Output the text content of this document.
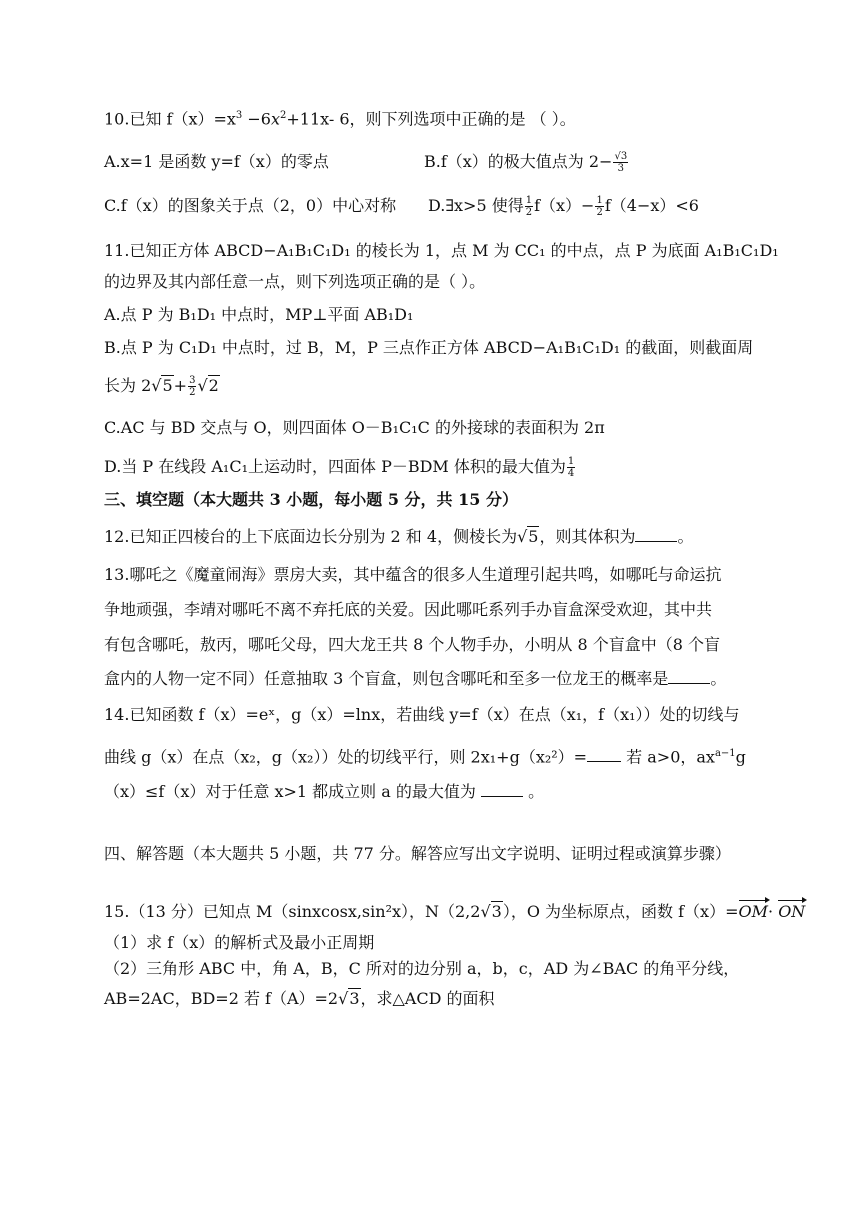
10.已知 $f(x)=x^3 -6x^2+11x-$ 6，则下列选项中正确的是 （ ）。
A.x=1 是函数 y=f（x）的零点	B.f（x）的极大值点为 $2- \frac{√3}{3}$
C.f（x）的图象关于点（2，0）中心对称 D.∃x>5 使得 $\frac{1}{2} f(x)- \frac{1}{2} f(4-x)<6$
11.已知正方体 ABCD−A₁B₁C₁D₁ 的棱长为 1，点 M 为 CC₁ 的中点，点 P 为底面 A₁B₁C₁D₁
的边界及其内部任意一点，则下列选项正确的是（ ）。
A.点 P 为 B₁D₁ 中点时，MP⊥平面 AB₁D₁
B.点 P 为 C₁D₁ 中点时，过 B，M，P 三点作正方体 ABCD−A₁B₁C₁D₁ 的截面，则截面周
长为 $2√5+ \frac{3}{2} √2$
C.AC 与 BD 交点与 O，则四面体 O－B₁C₁C 的外接球的表面积为 2π
D.当 P 在线段 A₁C₁上运动时，四面体 P－BDM 体积的最大值为 $\frac{1}{4}$
三、填空题（本大题共 3 小题，每小题 5 分，共 15 分）
12.已知正四棱台的上下底面边长分别为 2 和 4，侧棱长为√5，则其体积为	。
13.哪吒之《魔童闹海》票房大卖，其中蕴含的很多人生道理引起共鸣，如哪吒与命运抗
争地顽强，李靖对哪吒不离不弃托底的关爱。因此哪吒系列手办盲盒深受欢迎，其中共
有包含哪吒，敖丙，哪吒父母，四大龙王共 8 个人物手办，小明从 8 个盲盒中（8 个盲
盒内的人物一定不同）任意抽取 3 个盲盒，则包含哪吒和至多一位龙王的概率是	。
14.已知函数 f（x）=eˣ，g（x）=lnx，若曲线 y=f（x）在点（x₁，f（x₁））处的切线与
曲线 g（x）在点（x₂，g（x₂））处的切线平行，则 2x₁+g（x₂²）= 若 a>0，$ax^{a-1}g$
（x）≤f（x）对于任意 x>1 都成立则 a 的最大值为	。
四、解答题（本大题共 5 小题，共 77 分。解答应写出文字说明、证明过程或演算步骤）
15.（13 分）已知点 M（sinxcosx,sin²x），N（2,2√3），O 为坐标原点，函数 f（x）=OM· ON
（1）求 f（x）的解析式及最小正周期
（2）三角形 ABC 中，角 A，B，C 所对的边分别 a，b，c，AD 为∠BAC 的角平分线，
AB=2AC，BD=2 若 f（A）=2√3，求△ACD 的面积
